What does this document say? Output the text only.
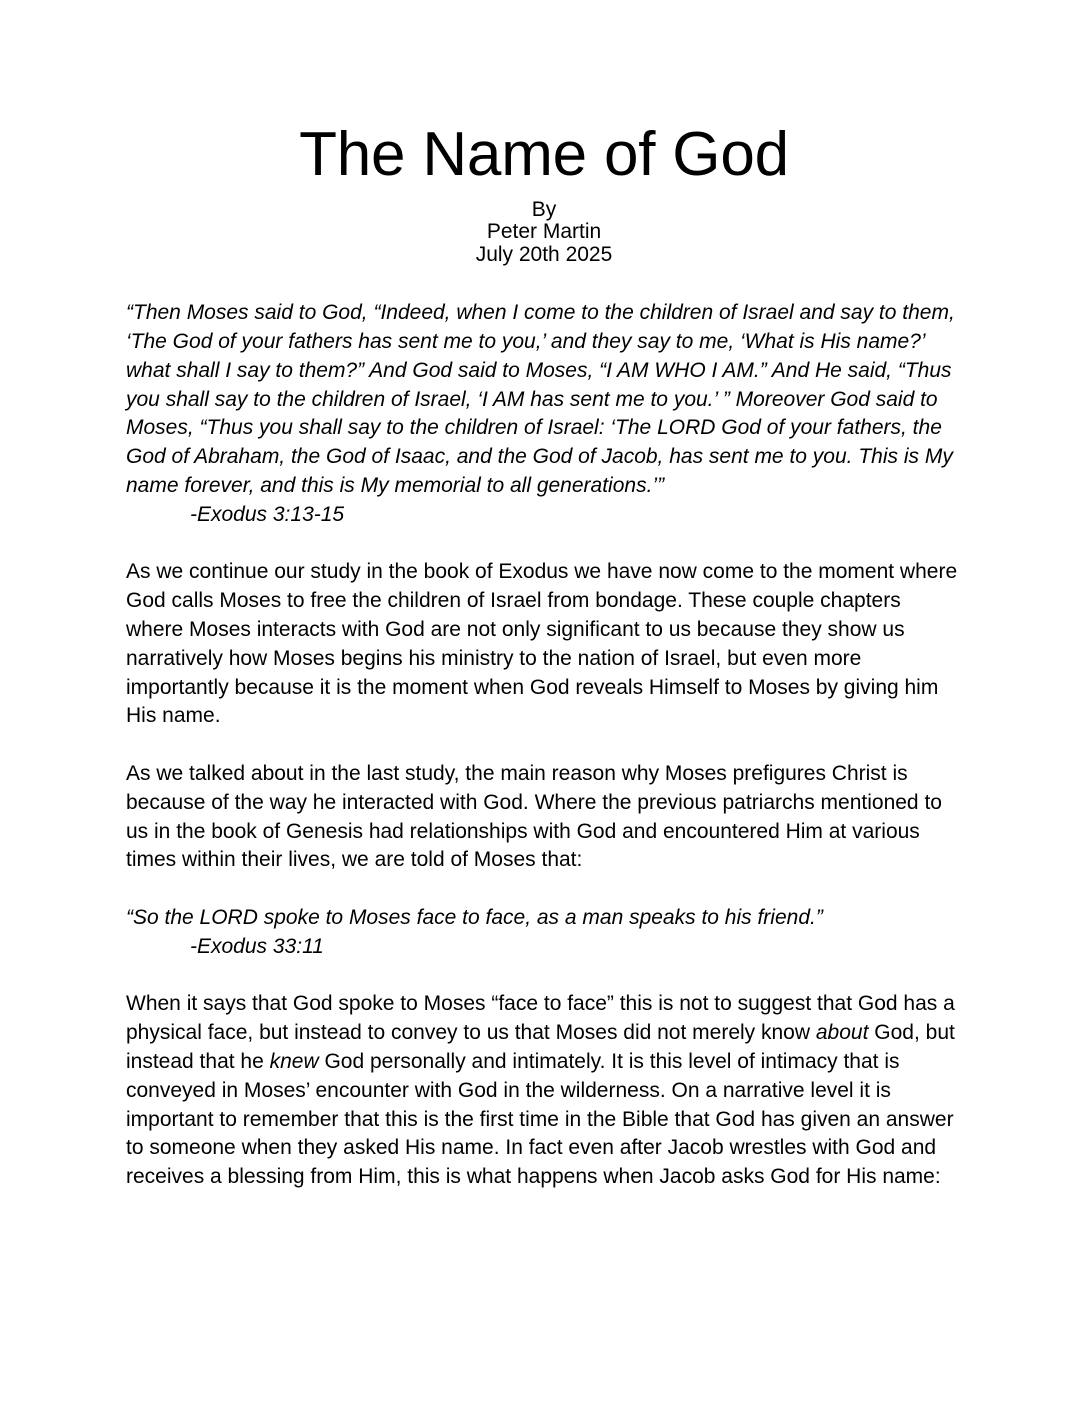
The Name of God
By
Peter Martin
July 20th 2025

“Then Moses said to God, “Indeed, when I come to the children of Israel and say to them, ‘The God of your fathers has sent me to you,’ and they say to me, ‘What is His name?’ what shall I say to them?” And God said to Moses, “I AM WHO I AM.” And He said, “Thus you shall say to the children of Israel, ‘I AM has sent me to you.’ ” Moreover God said to Moses, “Thus you shall say to the children of Israel: ‘The LORD God of your fathers, the God of Abraham, the God of Isaac, and the God of Jacob, has sent me to you. This is My name forever, and this is My memorial to all generations.’”

-Exodus 3:13-15

As we continue our study in the book of Exodus we have now come to the moment where God calls Moses to free the children of Israel from bondage. These couple chapters where Moses interacts with God are not only significant to us because they show us narratively how Moses begins his ministry to the nation of Israel, but even more importantly because it is the moment when God reveals Himself to Moses by giving him His name.

As we talked about in the last study, the main reason why Moses prefigures Christ is because of the way he interacted with God. Where the previous patriarchs mentioned to us in the book of Genesis had relationships with God and encountered Him at various times within their lives, we are told of Moses that:

“So the LORD spoke to Moses face to face, as a man speaks to his friend.”

-Exodus 33:11

When it says that God spoke to Moses “face to face” this is not to suggest that God has a physical face, but instead to convey to us that Moses did not merely know about God, but instead that he knew God personally and intimately. It is this level of intimacy that is conveyed in Moses’ encounter with God in the wilderness. On a narrative level it is important to remember that this is the first time in the Bible that God has given an answer to someone when they asked His name. In fact even after Jacob wrestles with God and receives a blessing from Him, this is what happens when Jacob asks God for His name:
